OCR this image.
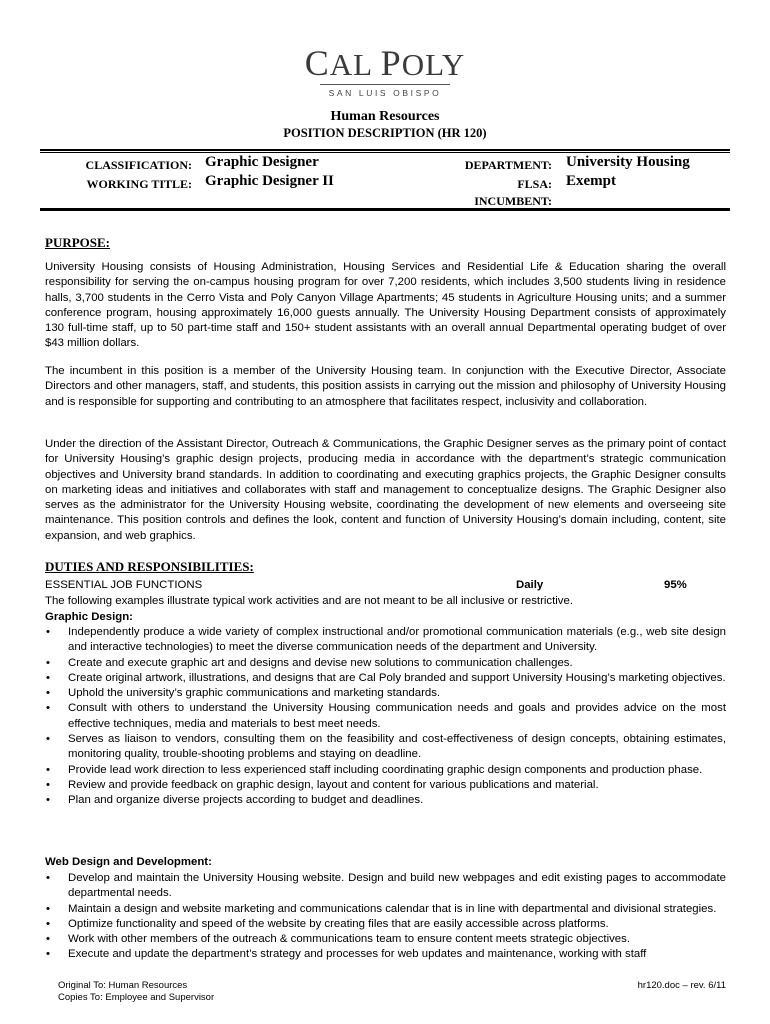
CAL POLY
SAN LUIS OBISPO
Human Resources
POSITION DESCRIPTION (HR 120)
CLASSIFICATION: Graphic Designer
WORKING TITLE: Graphic Designer II
DEPARTMENT: University Housing
FLSA: Exempt
INCUMBENT:
PURPOSE:
University Housing consists of Housing Administration, Housing Services and Residential Life & Education sharing the overall responsibility for serving the on-campus housing program for over 7,200 residents, which includes 3,500 students living in residence halls, 3,700 students in the Cerro Vista and Poly Canyon Village Apartments; 45 students in Agriculture Housing units; and a summer conference program, housing approximately 16,000 guests annually. The University Housing Department consists of approximately 130 full-time staff, up to 50 part-time staff and 150+ student assistants with an overall annual Departmental operating budget of over $43 million dollars.
The incumbent in this position is a member of the University Housing team. In conjunction with the Executive Director, Associate Directors and other managers, staff, and students, this position assists in carrying out the mission and philosophy of University Housing and is responsible for supporting and contributing to an atmosphere that facilitates respect, inclusivity and collaboration.
Under the direction of the Assistant Director, Outreach & Communications, the Graphic Designer serves as the primary point of contact for University Housing’s graphic design projects, producing media in accordance with the department’s strategic communication objectives and University brand standards. In addition to coordinating and executing graphics projects, the Graphic Designer consults on marketing ideas and initiatives and collaborates with staff and management to conceptualize designs. The Graphic Designer also serves as the administrator for the University Housing website, coordinating the development of new elements and overseeing site maintenance. This position controls and defines the look, content and function of University Housing’s domain including, content, site expansion, and web graphics.
DUTIES AND RESPONSIBILITIES:
ESSENTIAL JOB FUNCTIONS	Daily	95%
The following examples illustrate typical work activities and are not meant to be all inclusive or restrictive.
Graphic Design:
• Independently produce a wide variety of complex instructional and/or promotional communication materials (e.g., web site design and interactive technologies) to meet the diverse communication needs of the department and University.
• Create and execute graphic art and designs and devise new solutions to communication challenges.
• Create original artwork, illustrations, and designs that are Cal Poly branded and support University Housing’s marketing objectives.
• Uphold the university’s graphic communications and marketing standards.
• Consult with others to understand the University Housing communication needs and goals and provides advice on the most effective techniques, media and materials to best meet needs.
• Serves as liaison to vendors, consulting them on the feasibility and cost-effectiveness of design concepts, obtaining estimates, monitoring quality, trouble-shooting problems and staying on deadline.
• Provide lead work direction to less experienced staff including coordinating graphic design components and production phase.
• Review and provide feedback on graphic design, layout and content for various publications and material.
• Plan and organize diverse projects according to budget and deadlines.
Web Design and Development:
• Develop and maintain the University Housing website. Design and build new webpages and edit existing pages to accommodate departmental needs.
• Maintain a design and website marketing and communications calendar that is in line with departmental and divisional strategies.
• Optimize functionality and speed of the website by creating files that are easily accessible across platforms.
• Work with other members of the outreach & communications team to ensure content meets strategic objectives.
• Execute and update the department’s strategy and processes for web updates and maintenance, working with staff
Original To: Human Resources
Copies To: Employee and Supervisor
hr120.doc – rev. 6/11
